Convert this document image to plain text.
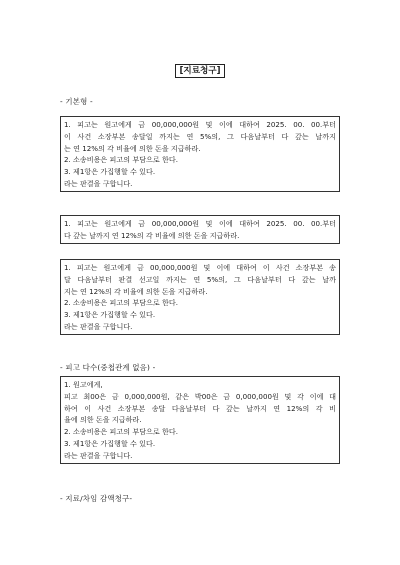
[지료청구]
- 기본형 -
1. 피고는 원고에게 금 00,000,000원 및 이에 대하여 2025. 00. 00.부터
이 사건 소장부본 송달일 까지는 연 5%의, 그 다음날부터 다 갚는 날까지
는 연 12%의 각 비율에 의한 돈을 지급하라.
2. 소송비용은 피고의 부담으로 한다.
3. 제1항은 가집행할 수 있다.
라는 판결을 구합니다.
1. 피고는 원고에게 금 00,000,000원 및 이에 대하여 2025. 00. 00.부터
다 갚는 날까지 연 12%의 각 비율에 의한 돈을 지급하라.
1. 피고는 원고에게 금 00,000,000원 및 이에 대하여 이 사건 소장부본 송
달 다음날부터 판결 선고일 까지는 연 5%의, 그 다음날부터 다 갚는 날까
지는 연 12%의 각 비율에 의한 돈을 지급하라.
2. 소송비용은 피고의 부담으로 한다.
3. 제1항은 가집행할 수 있다.
라는 판결을 구합니다.
- 피고 다수(중첩관계 없음) -
1. 원고에게,
피고 최00은 금 0,000,000원, 같은 박00은 금 0,000,000원 및 각 이에 대
하여 이 사건 소장부본 송달 다음날부터 다 갚는 날까지 연 12%의 각 비
율에 의한 돈을 지급하라.
2. 소송비용은 피고의 부담으로 한다.
3. 제1항은 가집행할 수 있다.
라는 판결을 구합니다.
- 지료/차임 감액청구-
